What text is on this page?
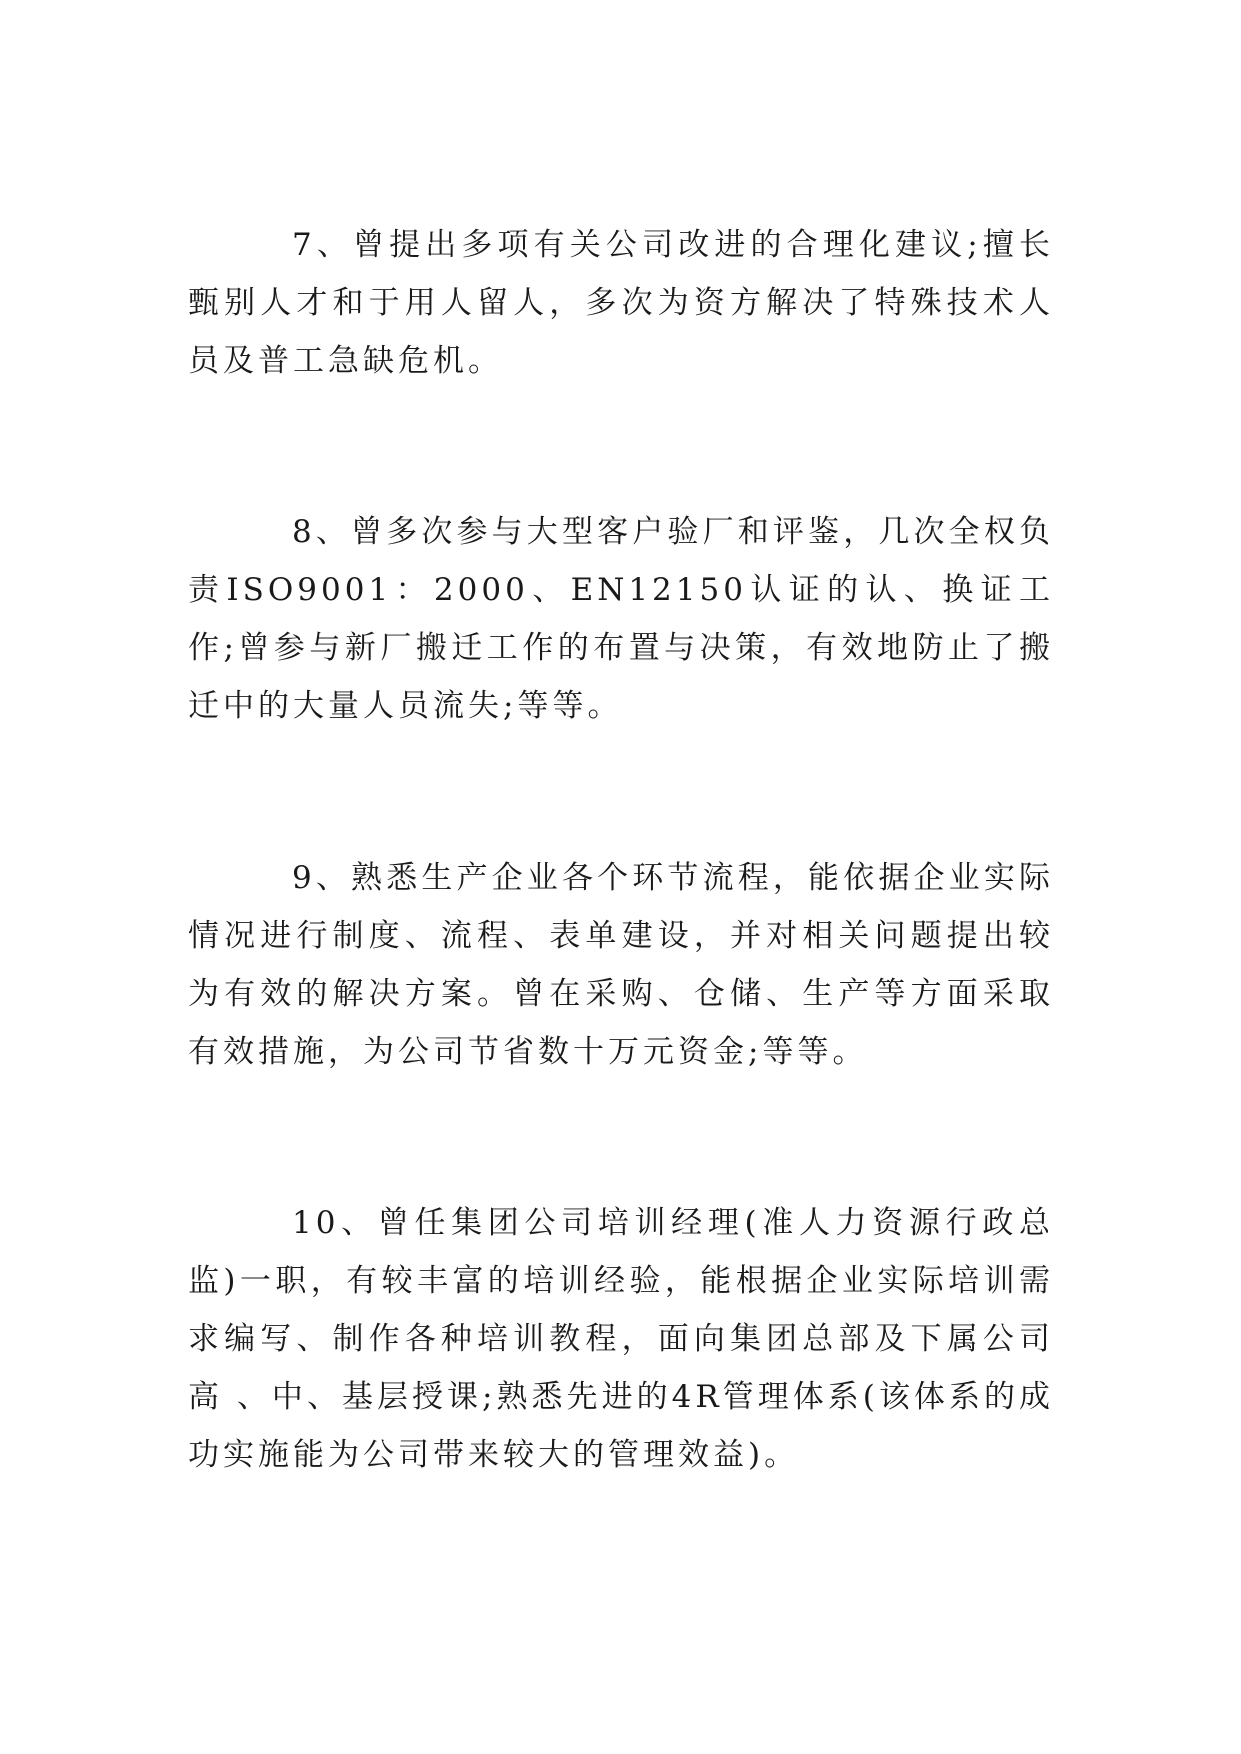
7、曾提出多项有关公司改进的合理化建议;擅长甄别人才和于用人留人，多次为资方解决了特殊技术人员及普工急缺危机。

8、曾多次参与大型客户验厂和评鉴，几次全权负责ISO9001：2000、EN12150认证的认、换证工作;曾参与新厂搬迁工作的布置与决策，有效地防止了搬迁中的大量人员流失;等等。

9、熟悉生产企业各个环节流程，能依据企业实际情况进行制度、流程、表单建设，并对相关问题提出较为有效的解决方案。曾在采购、仓储、生产等方面采取有效措施，为公司节省数十万元资金;等等。

10、曾任集团公司培训经理(准人力资源行政总监)一职，有较丰富的培训经验，能根据企业实际培训需求编写、制作各种培训教程，面向集团总部及下属公司高 、中、基层授课;熟悉先进的4R管理体系(该体系的成功实施能为公司带来较大的管理效益)。
